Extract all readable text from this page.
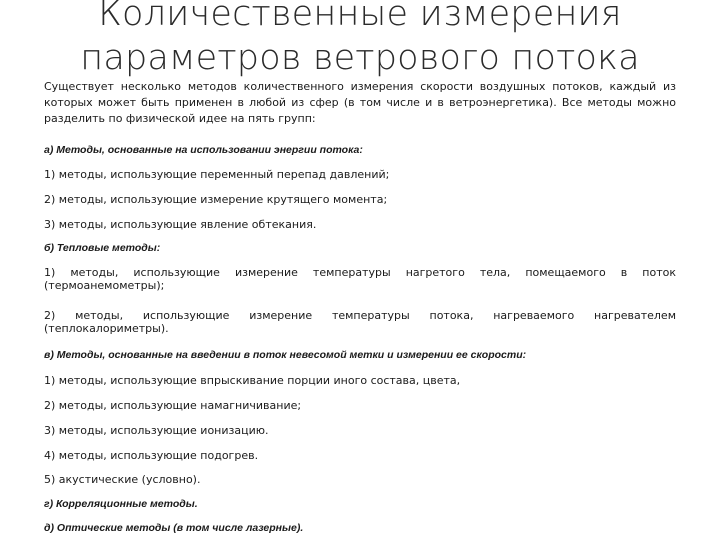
Количественные измерения
параметров ветрового потока

Существует несколько методов количественного измерения скорости воздушных потоков, каждый из которых может быть применен в любой из сфер (в том числе и в ветроэнергетика). Все методы можно разделить по физической идее на пять групп:

а) Методы, основанные на использовании энергии потока:

1) методы, использующие переменный перепад давлений;

2) методы, использующие измерение крутящего момента;

3) методы, использующие явление обтекания.

б) Тепловые методы:

1) методы, использующие измерение температуры нагретого тела, помещаемого в поток

(термоанемометры);

2) методы, использующие измерение температуры потока, нагреваемого нагревателем

(теплокалориметры).

в) Методы, основанные на введении в поток невесомой метки и измерении ее скорости:

1) методы, использующие впрыскивание порции иного состава, цвета,

2) методы, использующие намагничивание;

3) методы, использующие ионизацию.

4) методы, использующие подогрев.

5) акустические (условно).

г) Корреляционные методы.

д) Оптические методы (в том числе лазерные).
